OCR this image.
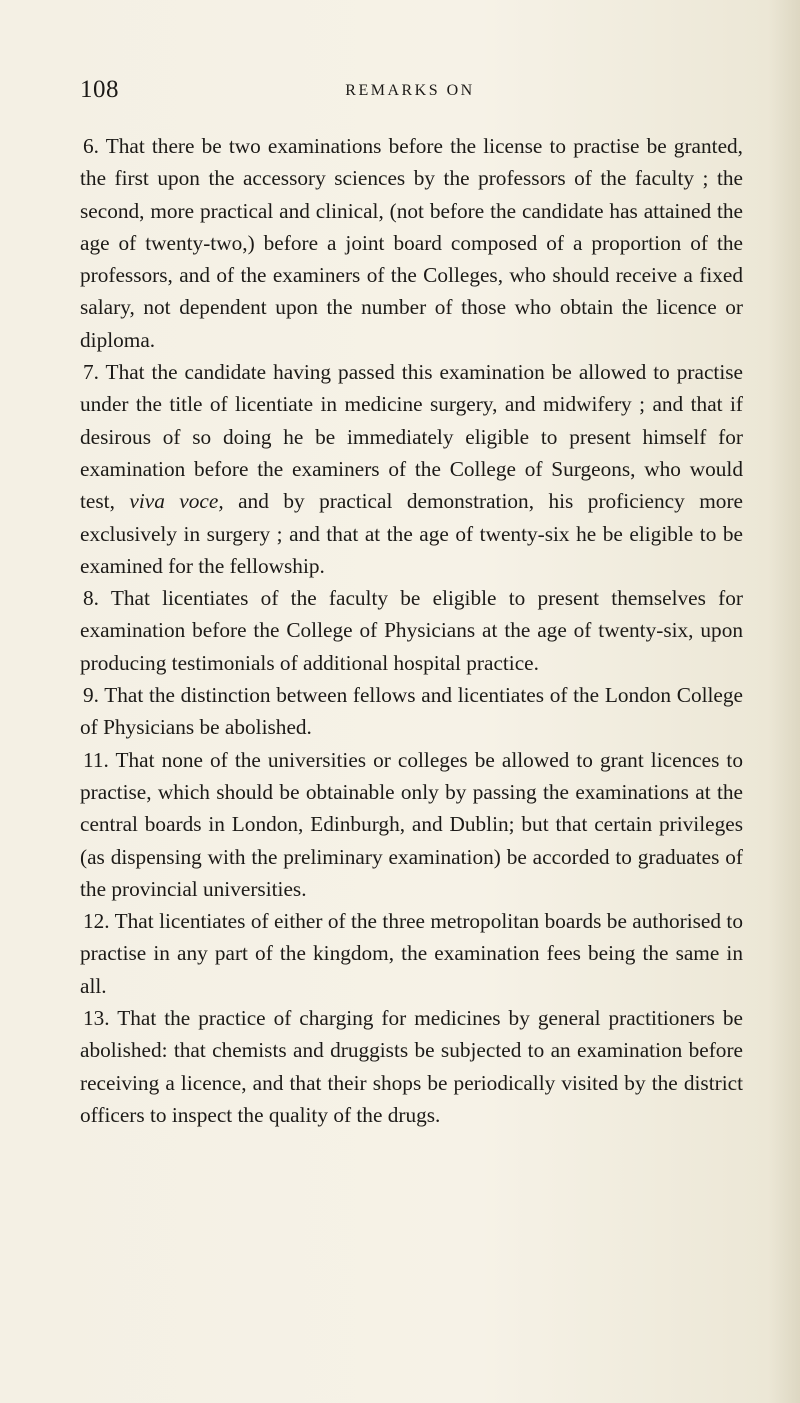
108	REMARKS ON

6. That there be two examinations before the license to practise be granted, the first upon the accessory sciences by the professors of the faculty ; the second, more practical and clinical, (not before the candidate has attained the age of twenty-two,) before a joint board composed of a proportion of the professors, and of the examiners of the Colleges, who should receive a fixed salary, not dependent upon the number of those who obtain the licence or diploma.

7. That the candidate having passed this examination be allowed to practise under the title of licentiate in medicine surgery, and midwifery ; and that if desirous of so doing he be immediately eligible to present himself for examination before the examiners of the College of Surgeons, who would test, viva voce, and by practical demonstration, his proficiency more exclusively in surgery ; and that at the age of twenty-six he be eligible to be examined for the fellowship.

8. That licentiates of the faculty be eligible to present themselves for examination before the College of Physicians at the age of twenty-six, upon producing testimonials of additional hospital practice.

9. That the distinction between fellows and licentiates of the London College of Physicians be abolished.

11. That none of the universities or colleges be allowed to grant licences to practise, which should be obtainable only by passing the examinations at the central boards in London, Edinburgh, and Dublin; but that certain privileges (as dispensing with the preliminary examination) be accorded to graduates of the provincial universities.

12. That licentiates of either of the three metropolitan boards be authorised to practise in any part of the kingdom, the examination fees being the same in all.

13. That the practice of charging for medicines by general practitioners be abolished: that chemists and druggists be subjected to an examination before receiving a licence, and that their shops be periodically visited by the district officers to inspect the quality of the drugs.
